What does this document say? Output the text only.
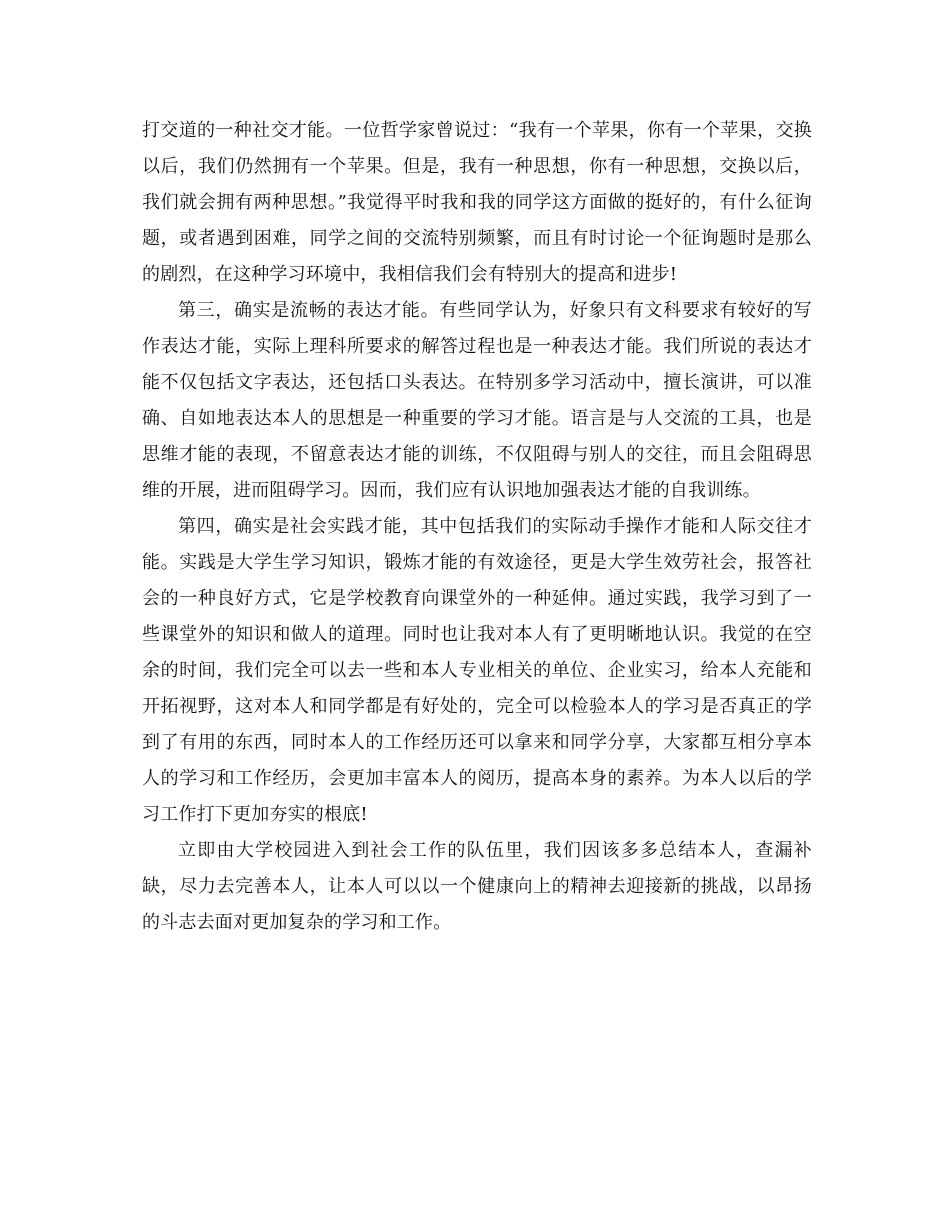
打交道的一种社交才能。一位哲学家曾说过：“我有一个苹果，你有一个苹果，交换以后，我们仍然拥有一个苹果。但是，我有一种思想，你有一种思想，交换以后，我们就会拥有两种思想。”我觉得平时我和我的同学这方面做的挺好的，有什么征询题，或者遇到困难，同学之间的交流特别频繁，而且有时讨论一个征询题时是那么的剧烈，在这种学习环境中，我相信我们会有特别大的提高和进步!

第三，确实是流畅的表达才能。有些同学认为，好象只有文科要求有较好的写作表达才能，实际上理科所要求的解答过程也是一种表达才能。我们所说的表达才能不仅包括文字表达，还包括口头表达。在特别多学习活动中，擅长演讲，可以准确、自如地表达本人的思想是一种重要的学习才能。语言是与人交流的工具，也是思维才能的表现，不留意表达才能的训练，不仅阻碍与别人的交往，而且会阻碍思维的开展，进而阻碍学习。因而，我们应有认识地加强表达才能的自我训练。

第四，确实是社会实践才能，其中包括我们的实际动手操作才能和人际交往才能。实践是大学生学习知识，锻炼才能的有效途径，更是大学生效劳社会，报答社会的一种良好方式，它是学校教育向课堂外的一种延伸。通过实践，我学习到了一些课堂外的知识和做人的道理。同时也让我对本人有了更明晰地认识。我觉的在空余的时间，我们完全可以去一些和本人专业相关的单位、企业实习，给本人充能和开拓视野，这对本人和同学都是有好处的，完全可以检验本人的学习是否真正的学到了有用的东西，同时本人的工作经历还可以拿来和同学分享，大家都互相分享本人的学习和工作经历，会更加丰富本人的阅历，提高本身的素养。为本人以后的学习工作打下更加夯实的根底!

立即由大学校园进入到社会工作的队伍里，我们因该多多总结本人，查漏补缺，尽力去完善本人，让本人可以以一个健康向上的精神去迎接新的挑战，以昂扬的斗志去面对更加复杂的学习和工作。
